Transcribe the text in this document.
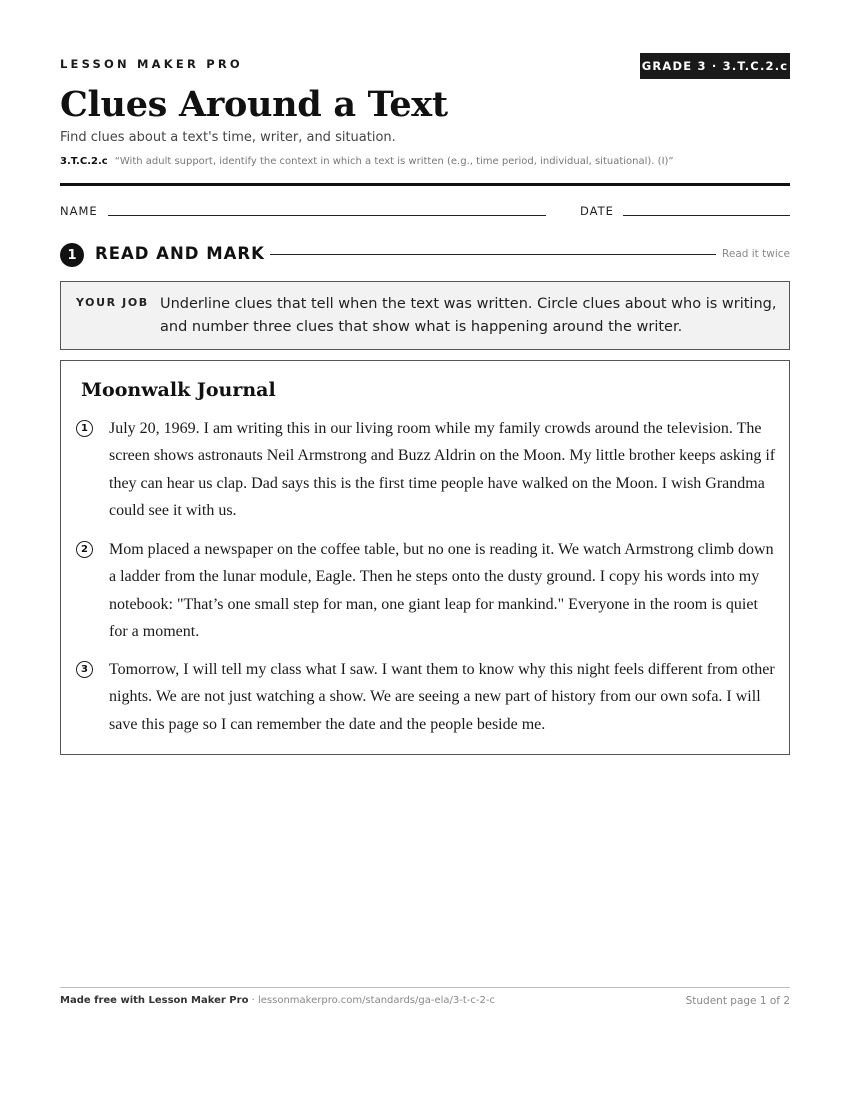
LESSON MAKER PRO	GRADE 3 · 3.T.C.2.c
Clues Around a Text
Find clues about a text's time, writer, and situation.
3.T.C.2.c “With adult support, identify the context in which a text is written (e.g., time period, individual, situational). (I)”
NAME	DATE
1	READ AND MARK	Read it twice
YOUR JOB Underline clues that tell when the text was written. Circle clues about who is writing, and number three clues that show what is happening around the writer.
Moonwalk Journal
1	July 20, 1969. I am writing this in our living room while my family crowds around the television. The screen shows astronauts Neil Armstrong and Buzz Aldrin on the Moon. My little brother keeps asking if they can hear us clap. Dad says this is the first time people have walked on the Moon. I wish Grandma could see it with us.

2	Mom placed a newspaper on the coffee table, but no one is reading it. We watch Armstrong climb down a ladder from the lunar module, Eagle. Then he steps onto the dusty ground. I copy his words into my notebook: "That’s one small step for man, one giant leap for mankind." Everyone in the room is quiet for a moment.

3	Tomorrow, I will tell my class what I saw. I want them to know why this night feels different from other nights. We are not just watching a show. We are seeing a new part of history from our own sofa. I will save this page so I can remember the date and the people beside me.

Made free with Lesson Maker Pro · lessonmakerpro.com/standards/ga-ela/3-t-c-2-c	Student page 1 of 2
